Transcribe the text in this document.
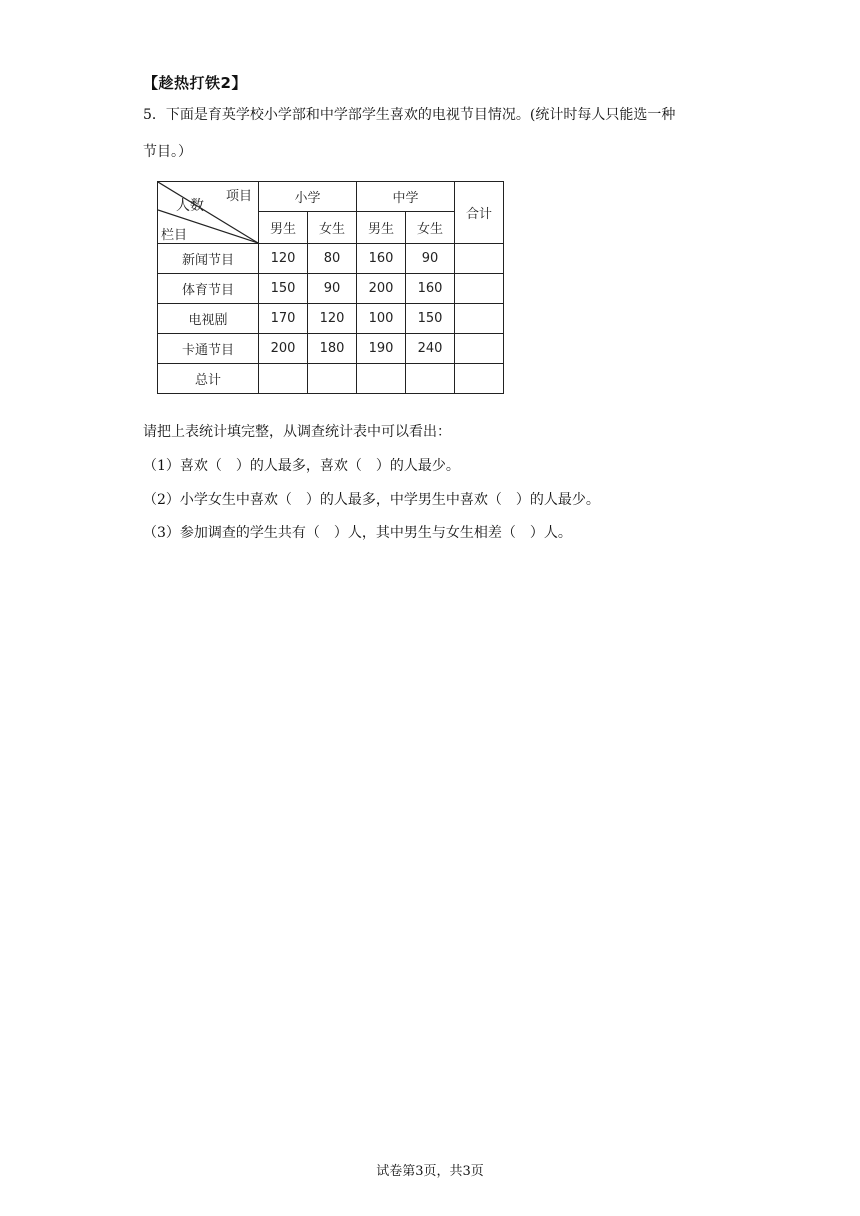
【趁热打铁2】
5．下面是育英学校小学部和中学部学生喜欢的电视节目情况。(统计时每人只能选一种
节目。）
项目
人数
栏目	小学		中学		合计
	男生	女生	男生	女生	
新闻节目	120	80	160	90	
体育节目	150	90	200	160	
电视剧	170	120	100	150	
卡通节目	200	180	190	240	
总计					
请把上表统计填完整，从调查统计表中可以看出：
（1）喜欢（　）的人最多，喜欢（　）的人最少。
（2）小学女生中喜欢（　）的人最多，中学男生中喜欢（　）的人最少。
（3）参加调查的学生共有（　）人，其中男生与女生相差（　）人。
试卷第3页，共3页
